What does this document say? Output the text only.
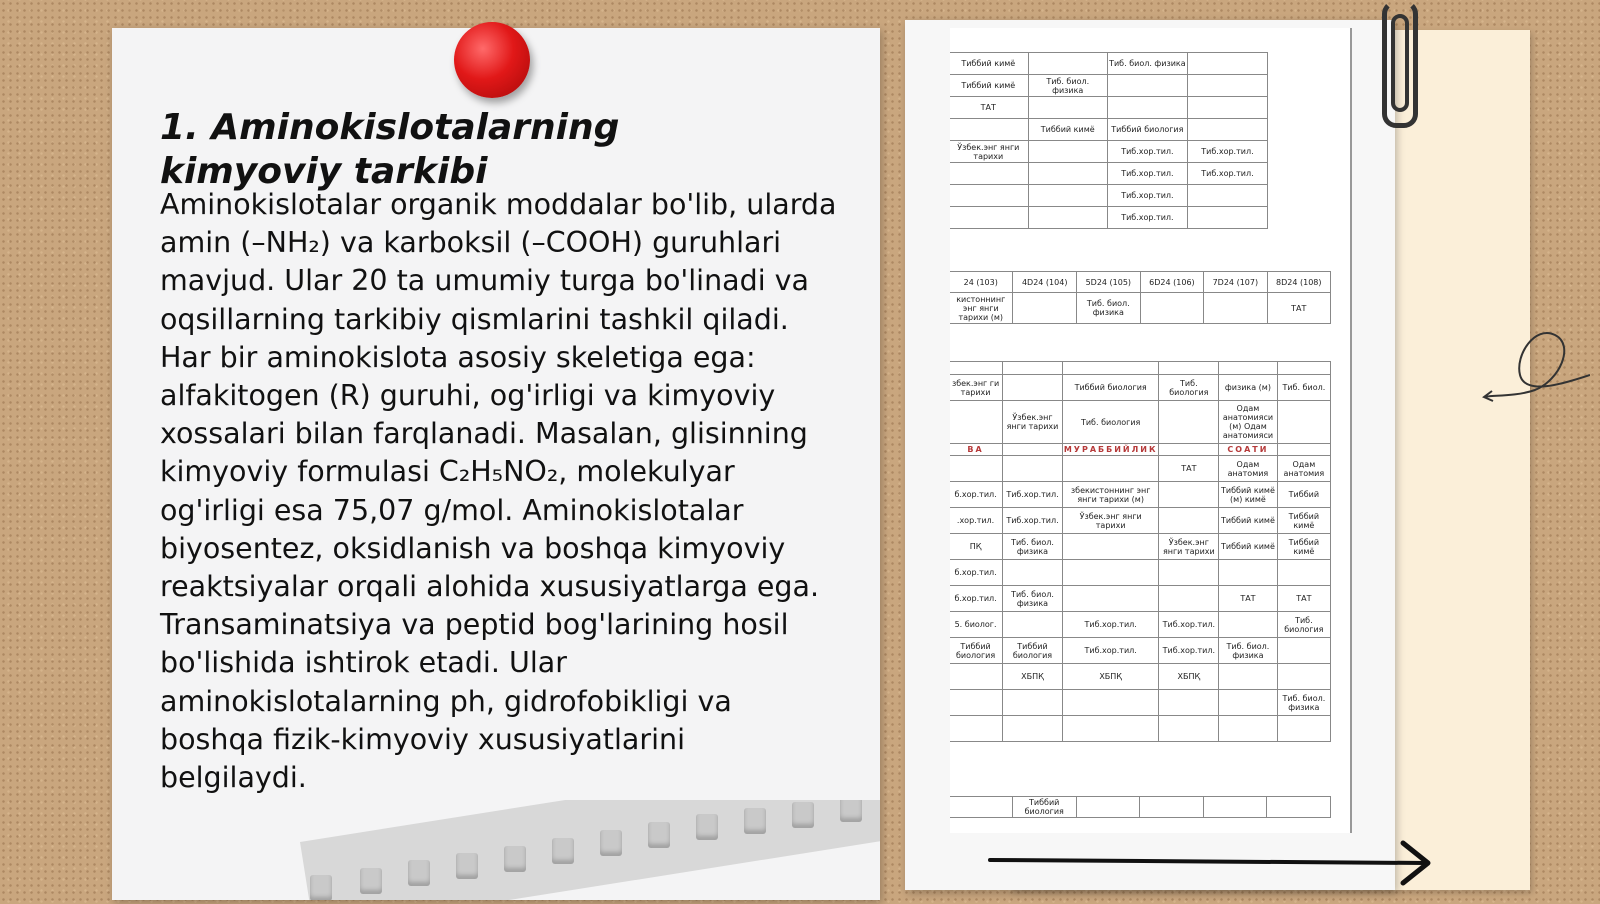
1. Aminokislotalarning kimyoviy tarkibi

Aminokislotalar organik moddalar bo'lib, ularda amin (–NH₂) va karboksil (–COOH) guruhlari mavjud. Ular 20 ta umumiy turga bo'linadi va oqsillarning tarkibiy qismlarini tashkil qiladi. Har bir aminokislota asosiy skeletiga ega: alfakitogen (R) guruhi, og'irligi va kimyoviy xossalari bilan farqlanadi. Masalan, glisinning kimyoviy formulasi C₂H₅NO₂, molekulyar og'irligi esa 75,07 g/mol. Aminokislotalar biyosentez, oksidlanish va boshqa kimyoviy reaktsiyalar orqali alohida xususiyatlarga ega. Transaminatsiya va peptid bog'larining hosil bo'lishida ishtirok etadi. Ular aminokislotalarning ph, gidrofobikligi va boshqa fizik-kimyoviy xususiyatlarini belgilaydi.

Тиббий кимё		Тиб. биол. физика	
Тиббий кимё	Тиб. биол. физика		
ТАТ			
	Тиббий кимё	Тиббий биология	
Ўзбек.энг янги тарихи		Тиб.хор.тил.	Тиб.хор.тил.
		Тиб.хор.тил.	Тиб.хор.тил.
		Тиб.хор.тил.	
		Тиб.хор.тил.	
24 (103)	4D24 (104)	5D24 (105)	6D24 (106)	7D24 (107)	8D24 (108)
кистоннинг энг янги тарихи (м)		Тиб. биол. физика			ТАТ

збек.энг ги тарихи		Тиббий биология	Тиб. биология	физика (м)	Тиб. биол.
	Ўзбек.энг янги тарихи	Тиб. биология		Одам анатомияси (м) Одам анатомияси	
ВА		МУРАББИЙЛИК		СОАТИ	
			ТАТ	Одам анатомия	Одам анатомия
б.хор.тил.	Тиб.хор.тил.	збекистоннинг энг янги тарихи (м)		Тиббий кимё (м) кимё	Тиббий
.хор.тил.	Тиб.хор.тил.	Ўзбек.энг янги тарихи		Тиббий кимё	Тиббий кимё
ПҚ	Тиб. биол. физика		Ўзбек.энг янги тарихи	Тиббий кимё	Тиббий кимё
б.хор.тил.					
б.хор.тил.	Тиб. биол. физика			ТАТ	ТАТ
5. биолог.		Тиб.хор.тил.	Тиб.хор.тил.		Тиб. биология
Тиббий биология	Тиббий биология	Тиб.хор.тил.	Тиб.хор.тил.	Тиб. биол. физика	
	ХБПҚ	ХБПҚ	ХБПҚ		
					Тиб. биол. физика

	Тиббий биология				
